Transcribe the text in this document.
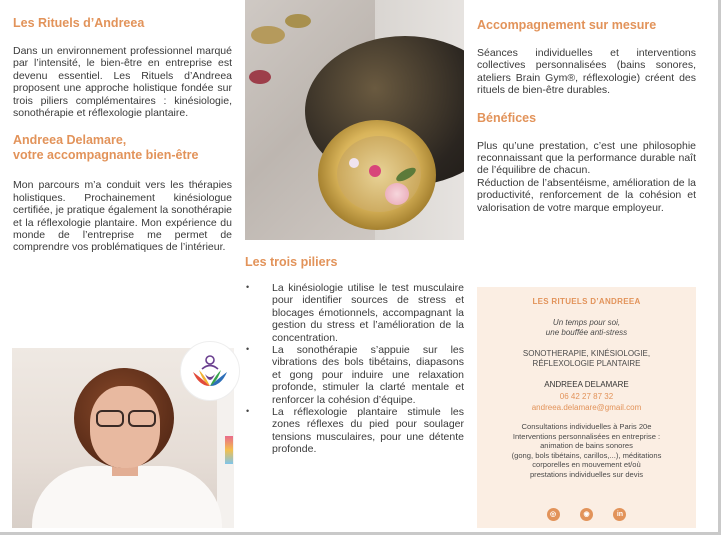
Les Rituels d’Andreea

Dans un environnement professionnel marqué par l’intensité, le bien-être en entreprise est devenu essentiel. Les Rituels d’Andreea proposent une approche holistique fondée sur trois piliers complémentaires : kinésiologie, sonothérapie et réflexologie plantaire.

Andreea Delamare,
votre accompagnante bien-être

Mon parcours m’a conduit vers les thérapies holistiques. Prochainement kinésiologue certifiée, je pratique également la sonothérapie et la réflexologie plantaire. Mon expérience du monde de l’entreprise me permet de comprendre vos problématiques de l’intérieur.

Les trois piliers
• La kinésiologie utilise le test musculaire pour identifier sources de stress et blocages émotionnels, accompagnant la gestion du stress et l’amélioration de la concentration.

• La sonothérapie s’appuie sur les vibrations des bols tibétains, diapasons et gong pour induire une relaxation profonde, stimuler la clarté mentale et renforcer la cohésion d’équipe.

• La réflexologie plantaire stimule les zones réflexes du pied pour soulager tensions musculaires, pour une détente profonde.

Accompagnement sur mesure

Séances individuelles et interventions collectives personnalisées (bains sonores, ateliers Brain Gym®, réflexologie) créent des rituels de bien-être durables.

Bénéfices

Plus qu’une prestation, c’est une philosophie reconnaissant que la performance durable naît de l’équilibre de chacun.

Réduction de l’absentéisme, amélioration de la productivité, renforcement de la cohésion et valorisation de votre marque employeur.

LES RITUELS D’ANDREEA
Un temps pour soi,
une bouffée anti-stress
SONOTHERAPIE, KINÉSIOLOGIE,
RÉFLEXOLOGIE PLANTAIRE
ANDREEA DELAMARE
06 42 27 87 32
andreea.delamare@gmail.com
Consultations individuelles à Paris 20e
Interventions personnalisées en entreprise :
animation de bains sonores
(gong, bols tibétains, carillos,...), méditations
corporelles en mouvement et/où
prestations individuelles sur devis
◎	◉	in
